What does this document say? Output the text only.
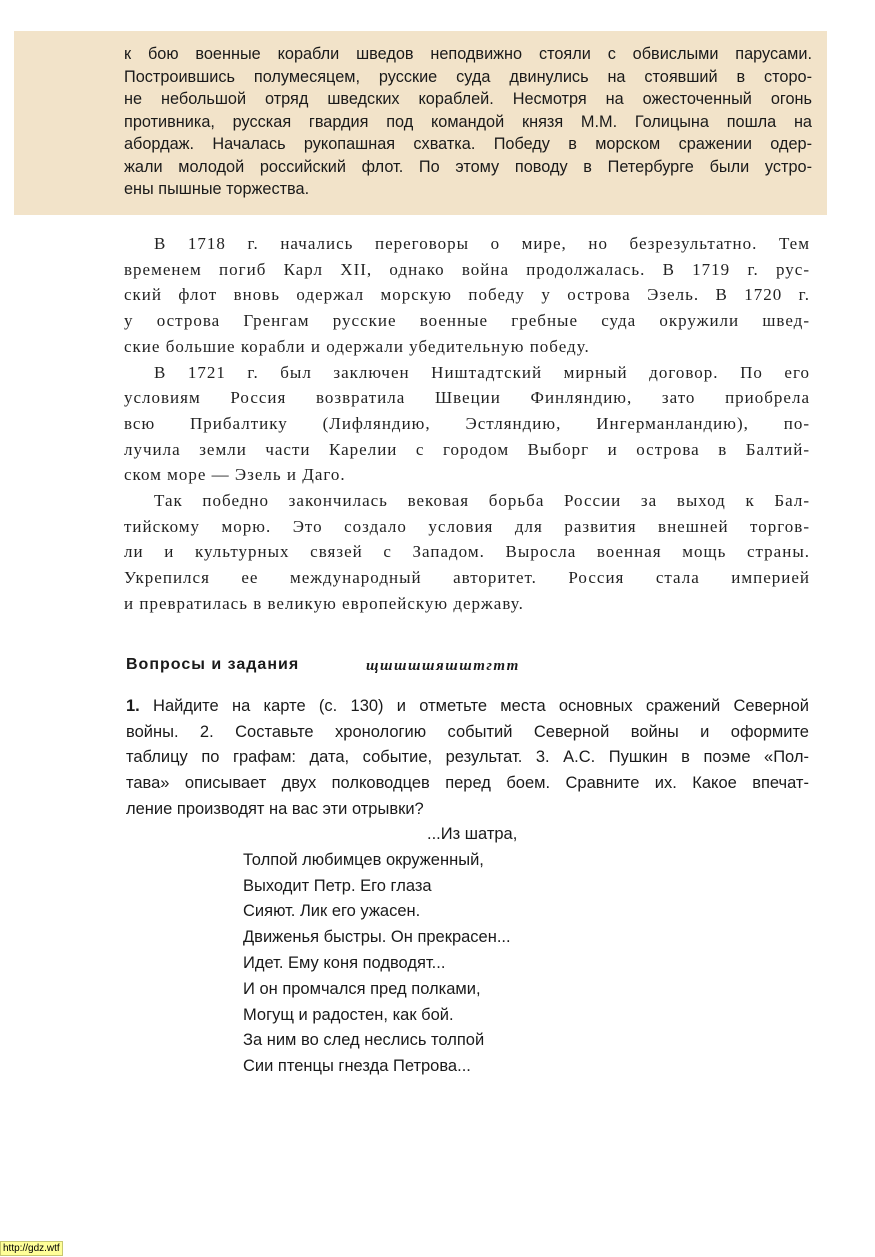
к бою военные корабли шведов неподвижно стояли с обвислыми парусами.
Построившись полумесяцем, русские суда двинулись на стоявший в сторо-
не небольшой отряд шведских кораблей. Несмотря на ожесточенный огонь
противника, русская гвардия под командой князя М.М. Голицына пошла на
абордаж. Началась рукопашная схватка. Победу в морском сражении одер-
жали молодой российский флот. По этому поводу в Петербурге были устро-
ены пышные торжества.
В 1718 г. начались переговоры о мире, но безрезультатно. Тем
временем погиб Карл XII, однако война продолжалась. В 1719 г. рус-
ский флот вновь одержал морскую победу у острова Эзель. В 1720 г.
у острова Гренгам русские военные гребные суда окружили швед-
ские большие корабли и одержали убедительную победу.
В 1721 г. был заключен Ништадтский мирный договор. По его
условиям Россия возвратила Швеции Финляндию, зато приобрела
всю Прибалтику (Лифляндию, Эстляндию, Ингерманландию), по-
лучила земли части Карелии с городом Выборг и острова в Балтий-
ском море — Эзель и Даго.
Так победно закончилась вековая борьба России за выход к Бал-
тийскому морю. Это создало условия для развития внешней торгов-
ли и культурных связей с Западом. Выросла военная мощь страны.
Укрепился ее международный авторитет. Россия стала империей
и превратилась в великую европейскую державу.
Вопросы и задания	щшшшшяшштгтт
1. Найдите на карте (с. 130) и отметьте места основных сражений Северной
войны. 2. Составьте хронологию событий Северной войны и оформите
таблицу по графам: дата, событие, результат. 3. А.С. Пушкин в поэме «Пол-
тава» описывает двух полководцев перед боем. Сравните их. Какое впечат-
ление производят на вас эти отрывки?
...Из шатра,
Толпой любимцев окруженный,
Выходит Петр. Его глаза
Сияют. Лик его ужасен.
Движенья быстры. Он прекрасен...
Идет. Ему коня подводят...
И он промчался пред полками,
Могущ и радостен, как бой.
За ним во след неслись толпой
Сии птенцы гнезда Петрова...
http://gdz.wtf
